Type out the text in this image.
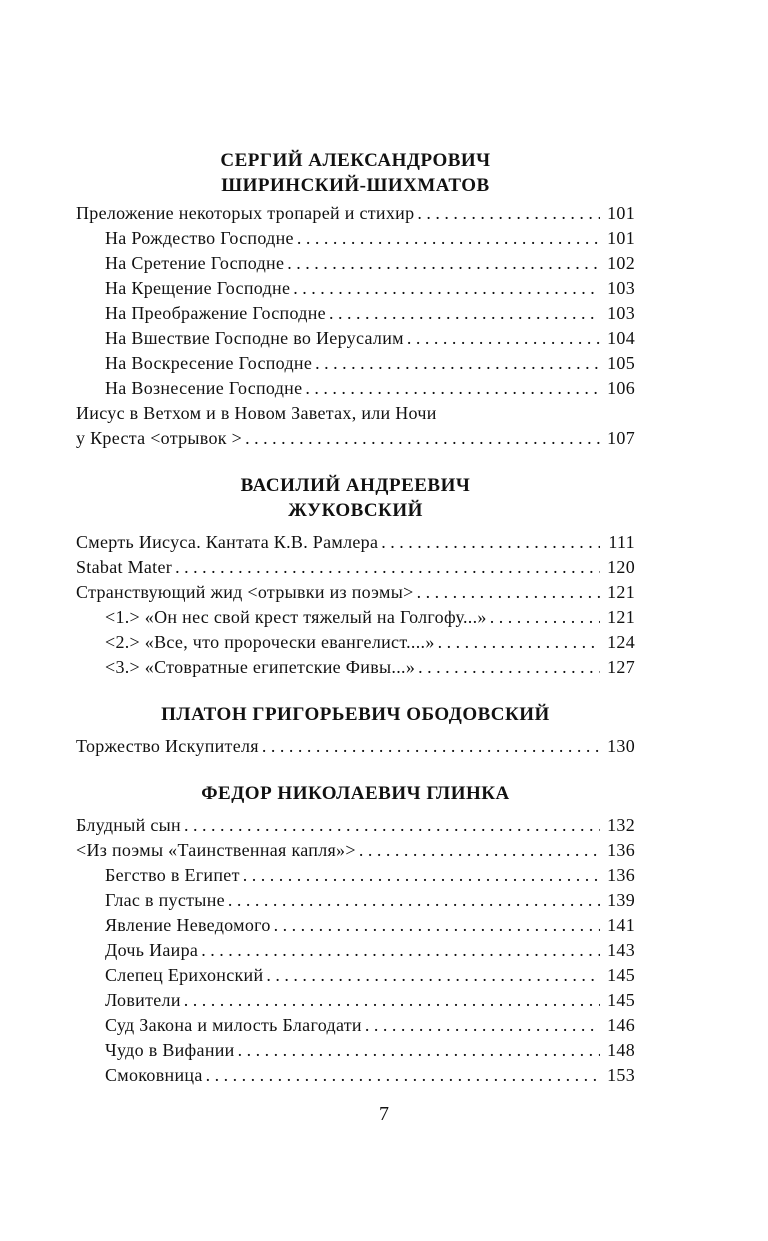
СЕРГИЙ АЛЕКСАНДРОВИЧ
ШИРИНСКИЙ-ШИХМАТОВ
Преложение некоторых тропарей и стихир . . .	101
На Рождество Господне . . .	101
На Сретение Господне . . .	102
На Крещение Господне . . .	103
На Преображение Господне . . .	103
На Вшествие Господне во Иерусалим . . .	104
На Воскресение Господне . . .	105
На Вознесение Господне . . .	106
Иисус в Ветхом и в Новом Заветах, или Ночи
у Креста <отрывок > . . .	107
ВАСИЛИЙ АНДРЕЕВИЧ
ЖУКОВСКИЙ
Смерть Иисуса. Кантата К.В. Рамлера . . .	111
Stabat Mater . . .	120
Странствующий жид <отрывки из поэмы> . . .	121
<1.> «Он нес свой крест тяжелый на Голгофу...» . . .	121
<2.> «Все, что пророчески евангелист....» . . .	124
<3.> «Стовратные египетские Фивы...» . . .	127
ПЛАТОН ГРИГОРЬЕВИЧ ОБОДОВСКИЙ
Торжество Искупителя . . .	130
ФЕДОР НИКОЛАЕВИЧ ГЛИНКА
Блудный сын . . .	132
<Из поэмы «Таинственная капля»> . . .	136
Бегство в Египет . . .	136
Глас в пустыне . . .	139
Явление Неведомого . . .	141
Дочь Иаира . . .	143
Слепец Ерихонский . . .	145
Ловители . . .	145
Суд Закона и милость Благодати . . .	146
Чудо в Вифании . . .	148
Смоковница . . .	153
7
